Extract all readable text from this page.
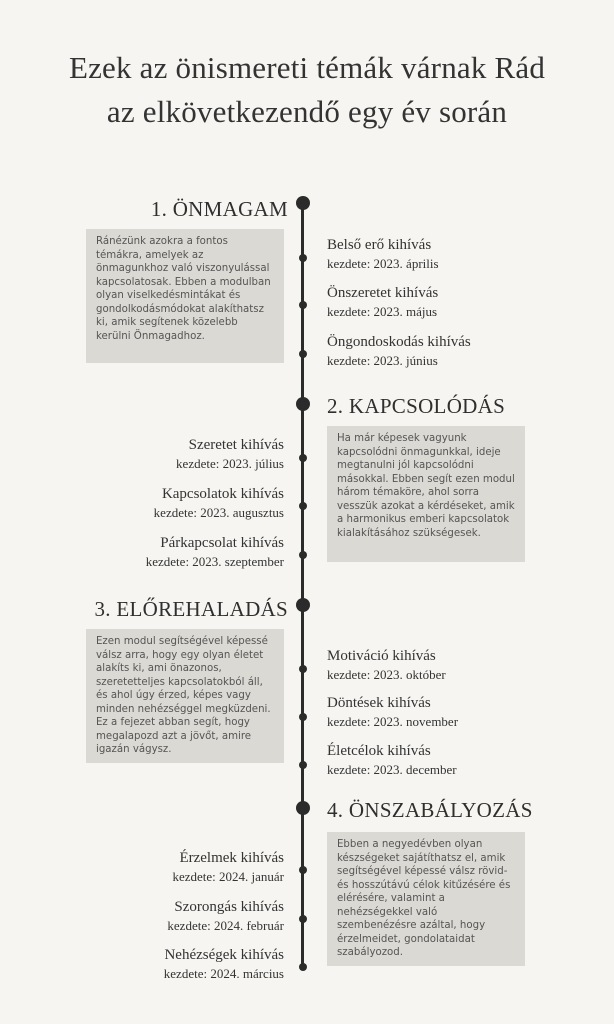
Ezek az önismereti témák várnak Rád
az elkövetkezendő egy év során
1. ÖNMAGAM
Ránézünk azokra a fontos témákra, amelyek az önmagunkhoz való viszonyulással kapcsolatosak. Ebben a modulban olyan viselkedésmintákat és gondolkodásmódokat alakíthatsz ki, amik segítenek közelebb kerülni Önmagadhoz.
Belső erő kihívás
kezdete: 2023. április
Önszeretet kihívás
kezdete: 2023. május
Öngondoskodás kihívás
kezdete: 2023. június
2. KAPCSOLÓDÁS
Ha már képesek vagyunk kapcsolódni önmagunkkal, ideje megtanulni jól kapcsolódni másokkal. Ebben segít ezen modul három témaköre, ahol sorra vesszük azokat a kérdéseket, amik a harmonikus emberi kapcsolatok kialakításához szükségesek.
Szeretet kihívás
kezdete: 2023. július
Kapcsolatok kihívás
kezdete: 2023. augusztus
Párkapcsolat kihívás
kezdete: 2023. szeptember
3. ELŐREHALADÁS
Ezen modul segítségével képessé válsz arra, hogy egy olyan életet alakíts ki, ami önazonos, szeretetteljes kapcsolatokból áll, és ahol úgy érzed, képes vagy minden nehézséggel megküzdeni. Ez a fejezet abban segít, hogy megalapozd azt a jövőt, amire igazán vágysz.
Motiváció kihívás
kezdete: 2023. október
Döntések kihívás
kezdete: 2023. november
Életcélok kihívás
kezdete: 2023. december
4. ÖNSZABÁLYOZÁS
Ebben a negyedévben olyan készségeket sajátíthatsz el, amik segítségével képessé válsz rövid- és hosszútávú célok kitűzésére és elérésére, valamint a nehézségekkel való szembenézésre azáltal, hogy érzelmeidet, gondolataidat szabályozod.
Érzelmek kihívás
kezdete: 2024. január
Szorongás kihívás
kezdete: 2024. február
Nehézségek kihívás
kezdete: 2024. március
